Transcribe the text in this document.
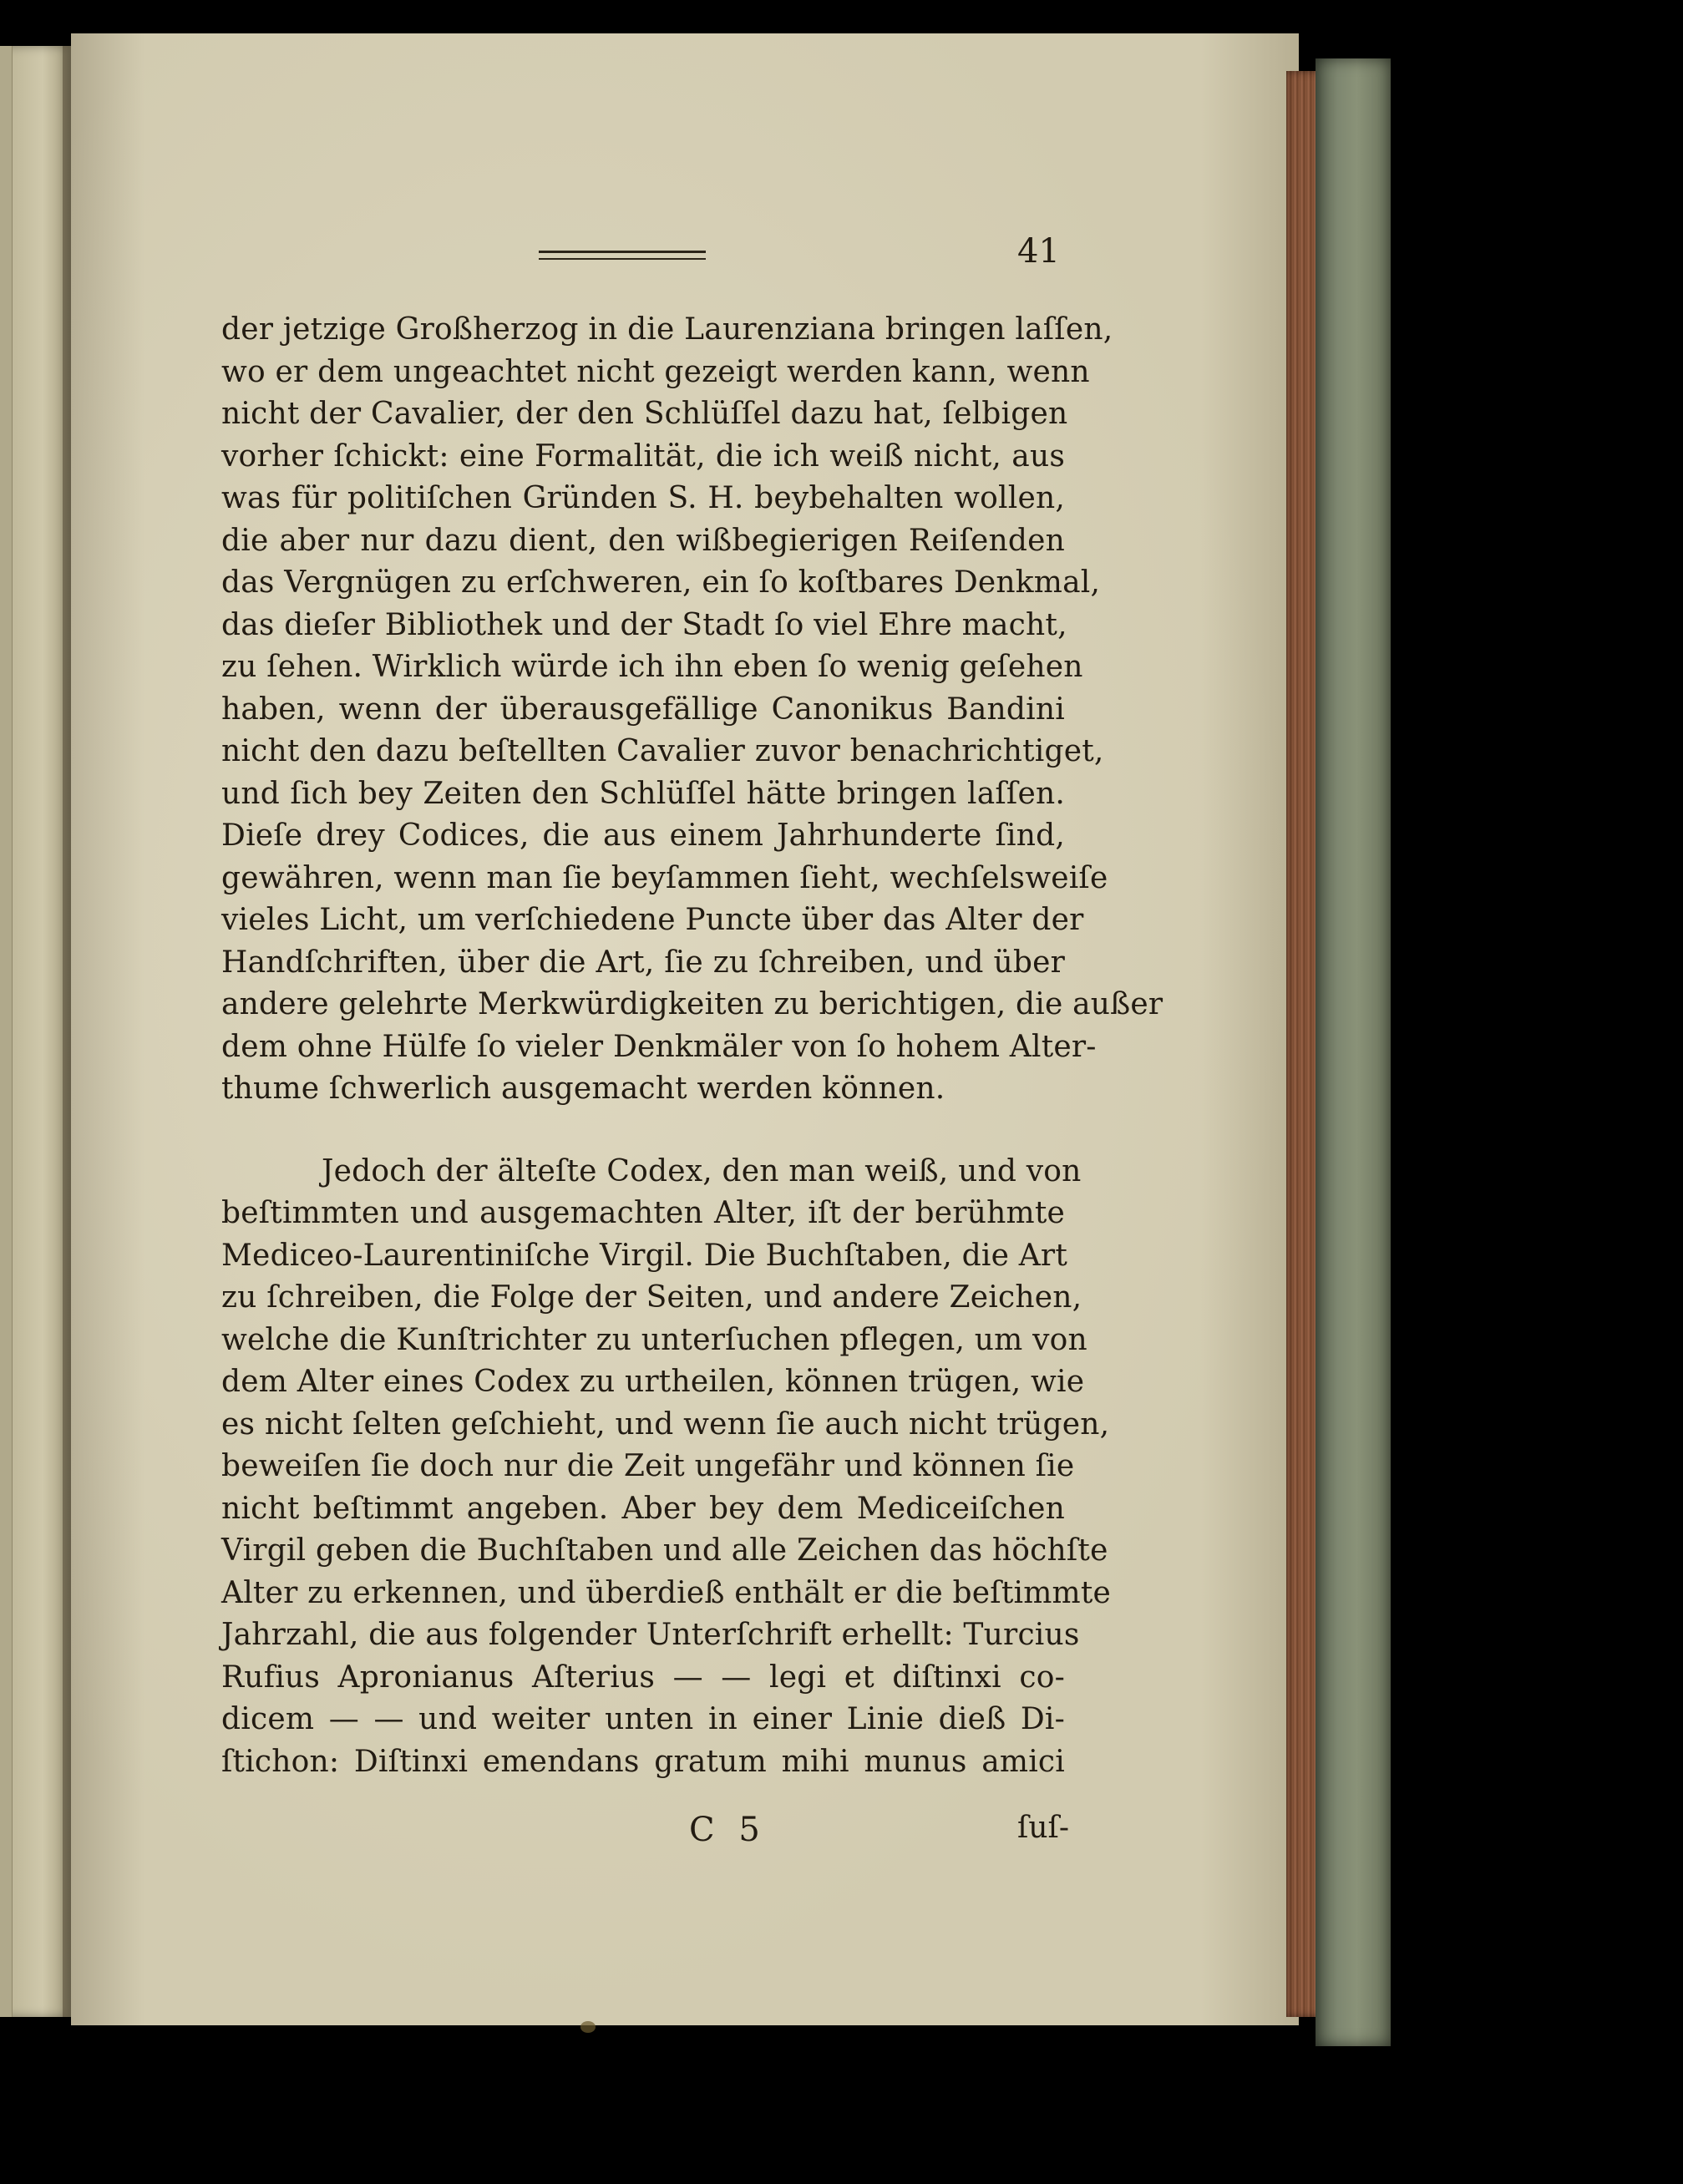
41
der jetzige Großherzog in die Laurenziana bringen laſſen,
wo er dem ungeachtet nicht gezeigt werden kann, wenn
nicht der Cavalier, der den Schlüſſel dazu hat, ſelbigen
vorher ſchickt: eine Formalität, die ich weiß nicht, aus
was für politiſchen Gründen S. H. beybehalten wollen,
die aber nur dazu dient, den wißbegierigen Reiſenden
das Vergnügen zu erſchweren, ein ſo koſtbares Denkmal,
das dieſer Bibliothek und der Stadt ſo viel Ehre macht,
zu ſehen. Wirklich würde ich ihn eben ſo wenig geſehen
haben, wenn der überausgefällige Canonikus Bandini
nicht den dazu beſtellten Cavalier zuvor benachrichtiget,
und ſich bey Zeiten den Schlüſſel hätte bringen laſſen.
Dieſe drey Codices, die aus einem Jahrhunderte ſind,
gewähren, wenn man ſie beyſammen ſieht, wechſelsweiſe
vieles Licht, um verſchiedene Puncte über das Alter der
Handſchriften, über die Art, ſie zu ſchreiben, und über
andere gelehrte Merkwürdigkeiten zu berichtigen, die außer
dem ohne Hülfe ſo vieler Denkmäler von ſo hohem Alter-
thume ſchwerlich ausgemacht werden können.
Jedoch der älteſte Codex, den man weiß, und von
beſtimmten und ausgemachten Alter, iſt der berühmte
Mediceo-Laurentiniſche Virgil. Die Buchſtaben, die Art
zu ſchreiben, die Folge der Seiten, und andere Zeichen,
welche die Kunſtrichter zu unterſuchen pflegen, um von
dem Alter eines Codex zu urtheilen, können trügen, wie
es nicht ſelten geſchieht, und wenn ſie auch nicht trügen,
beweiſen ſie doch nur die Zeit ungefähr und können ſie
nicht beſtimmt angeben. Aber bey dem Mediceiſchen
Virgil geben die Buchſtaben und alle Zeichen das höchſte
Alter zu erkennen, und überdieß enthält er die beſtimmte
Jahrzahl, die aus folgender Unterſchrift erhellt: Turcius
Rufius Apronianus Aſterius — — legi et diſtinxi co-
dicem — — und weiter unten in einer Linie dieß Di-
ſtichon: Diſtinxi emendans gratum mihi munus amici
C 5	ſuſ-
